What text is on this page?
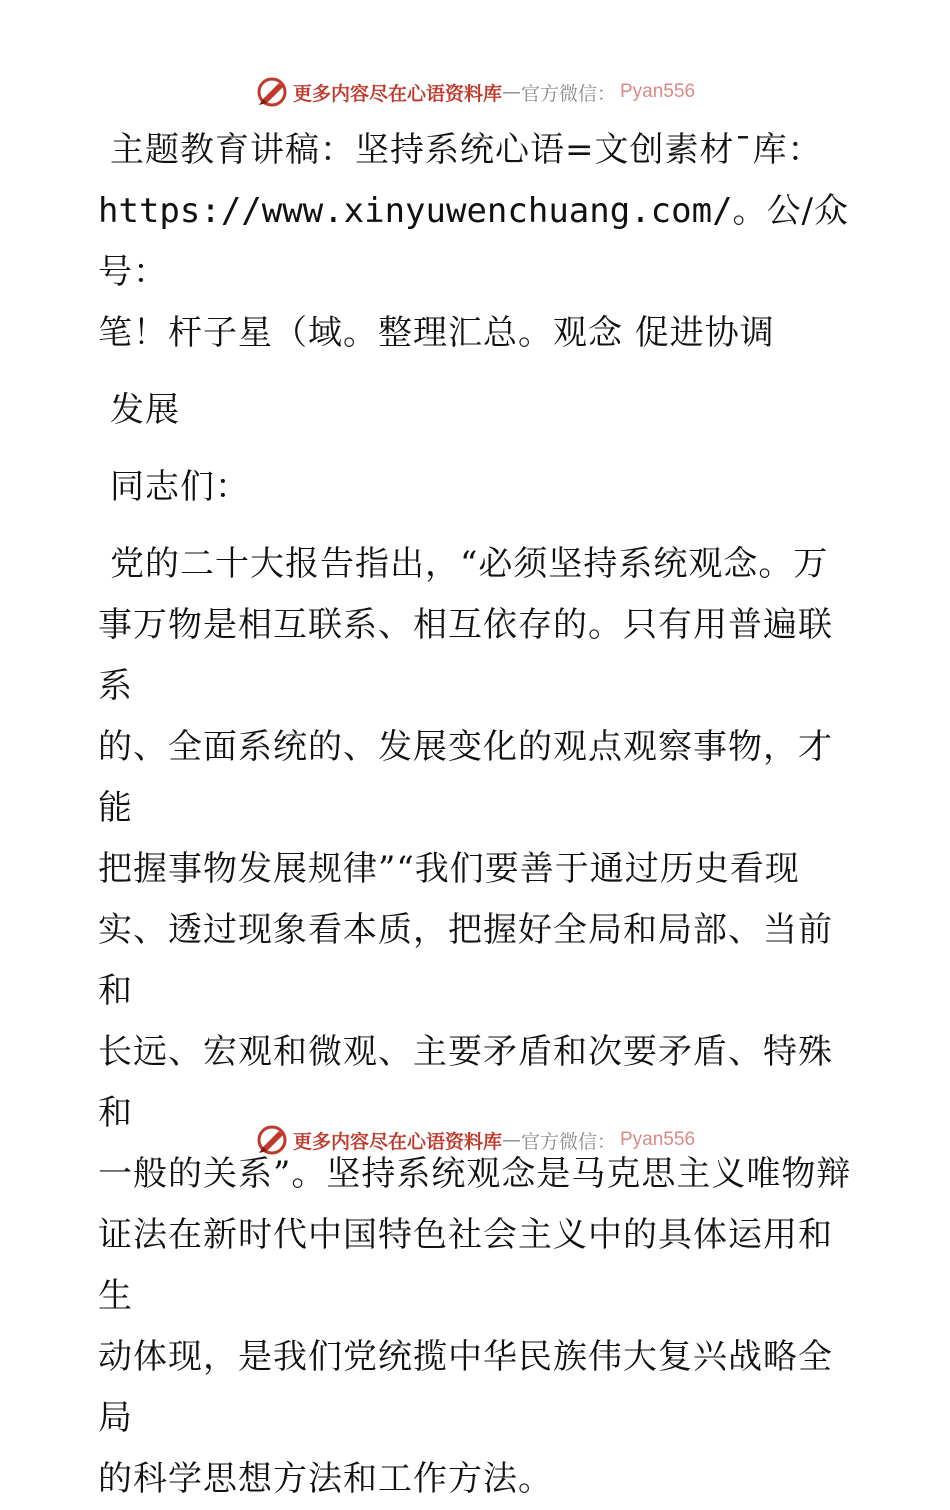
更多内容尽在心语资料库 — 官方微信： Pyan556

主题教育讲稿：坚持系统心语=文创素材¯库：

https://www.xinyuwenchuang.com/。公/众号：

笔！杆子星（域。整理汇总。观念 促进协调

发展

同志们：

党的二十大报告指出，“必须坚持系统观念。万

事万物是相互联系、相互依存的。只有用普遍联系

的、全面系统的、发展变化的观点观察事物，才能

把握事物发展规律”“我们要善于通过历史看现

实、透过现象看本质，把握好全局和局部、当前和

长远、宏观和微观、主要矛盾和次要矛盾、特殊和

一般的关系”。坚持系统观念是马克思主义唯物辩

证法在新时代中国特色社会主义中的具体运用和生

动体现，是我们党统揽中华民族伟大复兴战略全局

的科学思想方法和工作方法。

更多内容尽在心语资料库 — 官方微信： Pyan556
